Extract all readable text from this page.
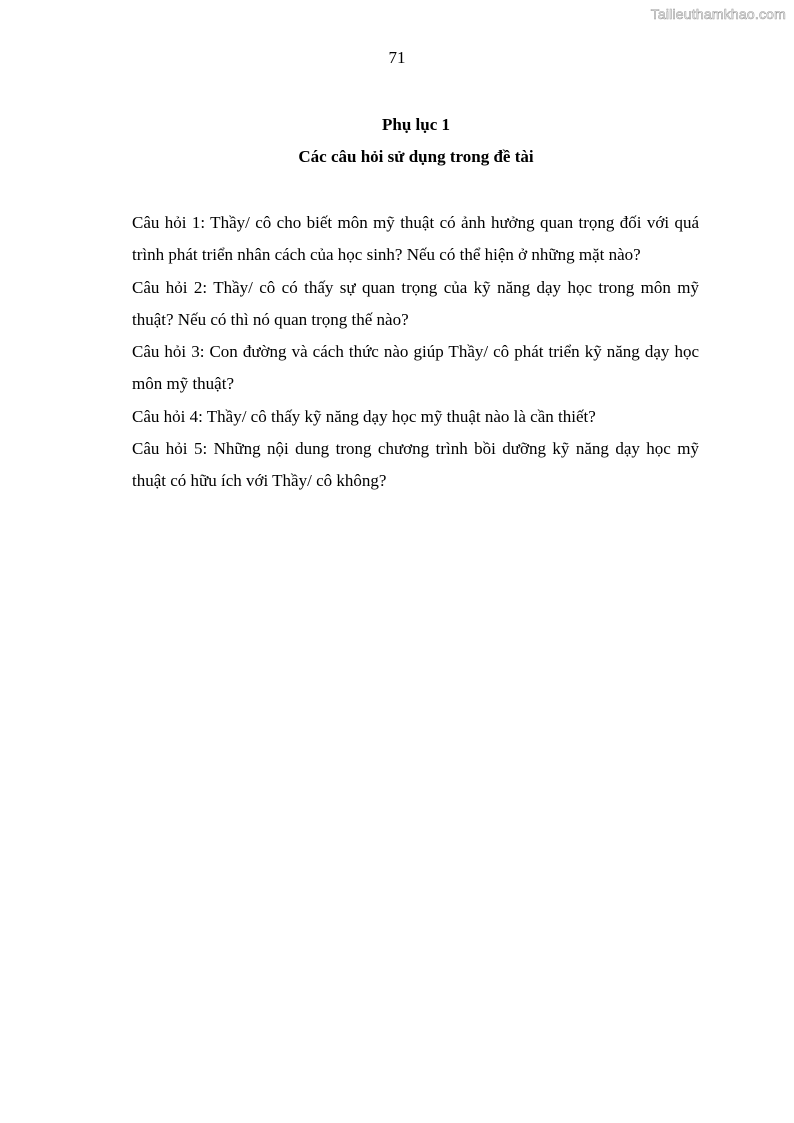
Tailieuthamkhao.com
71
Phụ lục 1
Các câu hỏi sử dụng trong đề tài

Câu hỏi 1: Thầy/ cô cho biết môn mỹ thuật có ảnh hưởng quan trọng đối với quá trình phát triển nhân cách của học sinh? Nếu có thể hiện ở những mặt nào?

Câu hỏi 2: Thầy/ cô có thấy sự quan trọng của kỹ năng dạy học trong môn mỹ thuật? Nếu có thì nó quan trọng thế nào?

Câu hỏi 3: Con đường và cách thức nào giúp Thầy/ cô phát triển kỹ năng dạy học môn mỹ thuật?

Câu hỏi 4: Thầy/ cô thấy kỹ năng dạy học mỹ thuật nào là cần thiết?

Câu hỏi 5: Những nội dung trong chương trình bồi dưỡng kỹ năng dạy học mỹ thuật có hữu ích với Thầy/ cô không?
